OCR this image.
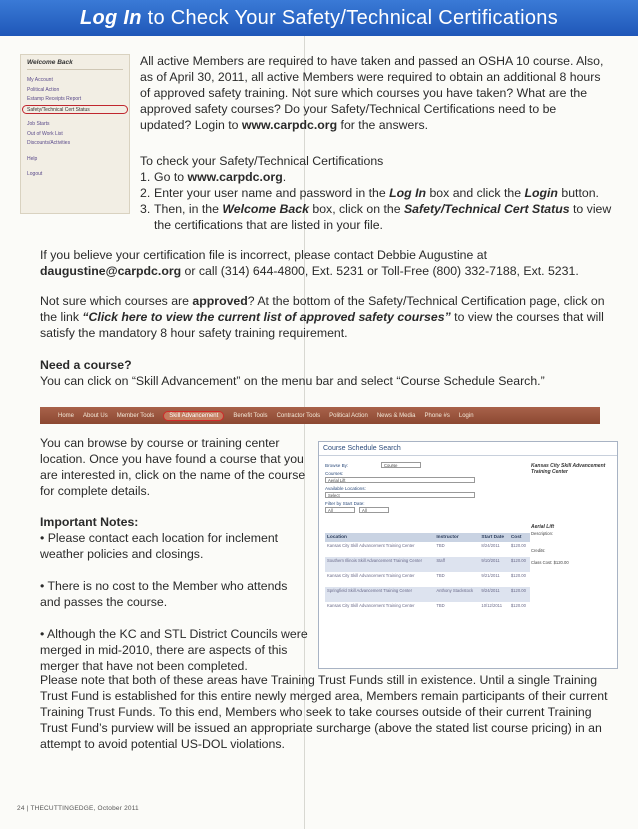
Log In to Check Your Safety/Technical Certifications
Welcome Back
My Account
Political Action
Estamp Receipts Report
Safety/Technical Cert Status
Job Starts
Out of Work List
Discounts/Activities
Help
Logout
All active Members are required to have taken and passed an OSHA 10 course. Also, as of April 30, 2011, all active Members were required to obtain an additional 8 hours of approved safety training. Not sure which courses you have taken? What are the approved safety courses? Do your Safety/Technical Certifications need to be updated? Login to www.carpdc.org for the answers.
To check your Safety/Technical Certifications
1. Go to www.carpdc.org.
2. Enter your user name and password in the Log In box and click the Login button.
3. Then, in the Welcome Back box, click on the Safety/Technical Cert Status to view the certifications that are listed in your file.
If you believe your certification file is incorrect, please contact Debbie Augustine at daugustine@carpdc.org or call (314) 644-4800, Ext. 5231 or Toll-Free (800) 332-7188, Ext. 5231.
Not sure which courses are approved? At the bottom of the Safety/Technical Certification page, click on the link “Click here to view the current list of approved safety courses” to view the courses that will satisfy the mandatory 8 hour safety training requirement.
Need a course?
You can click on “Skill Advancement” on the menu bar and select “Course Schedule Search.”
Home About Us Member Tools	Skill Advancement	Benefit Tools Contractor Tools Political Action News & Media Phone #s Login
You can browse by course or training center location. Once you have found a course that you are interested in, click on the name of the course for complete details.
Important Notes:
• Please contact each location for inclement weather policies and closings.
• There is no cost to the Member who attends and passes the course.
• Although the KC and STL District Councils were merged in mid-2010, there are aspects of this merger that have not been completed.
Course Schedule Search
Browse By:	Course
Courses:
Aerial Lift
Available Locations:
Select
Filter by Start Date:
All	All
Kansas City Skill Advancement Training Center
Aerial Lift
Description:
Credits:
Class Cost: $120.00
Location	Instructor	Start Date	Cost
Kansas City Skill Advancement Training Center	TBD	8/24/2011	$120.00
Southern Illinois Skill Advancement Training Center	Staff	9/10/2011	$120.00
Kansas City Skill Advancement Training Center	TBD	9/21/2011	$120.00
Springfield Skill Advancement Training Center	Anthony Stackstock	9/24/2011	$120.00
Kansas City Skill Advancement Training Center	TBD	10/12/2011	$120.00
Please note that both of these areas have Training Trust Funds still in existence. Until a single Training Trust Fund is established for this entire newly merged area, Members remain participants of their current Training Trust Funds. To this end, Members who seek to take courses outside of their current Training Trust Fund’s purview will be issued an appropriate surcharge (above the stated list course pricing) in an attempt to avoid potential US-DOL violations.
24 | THECUTTINGEDGE, October 2011
